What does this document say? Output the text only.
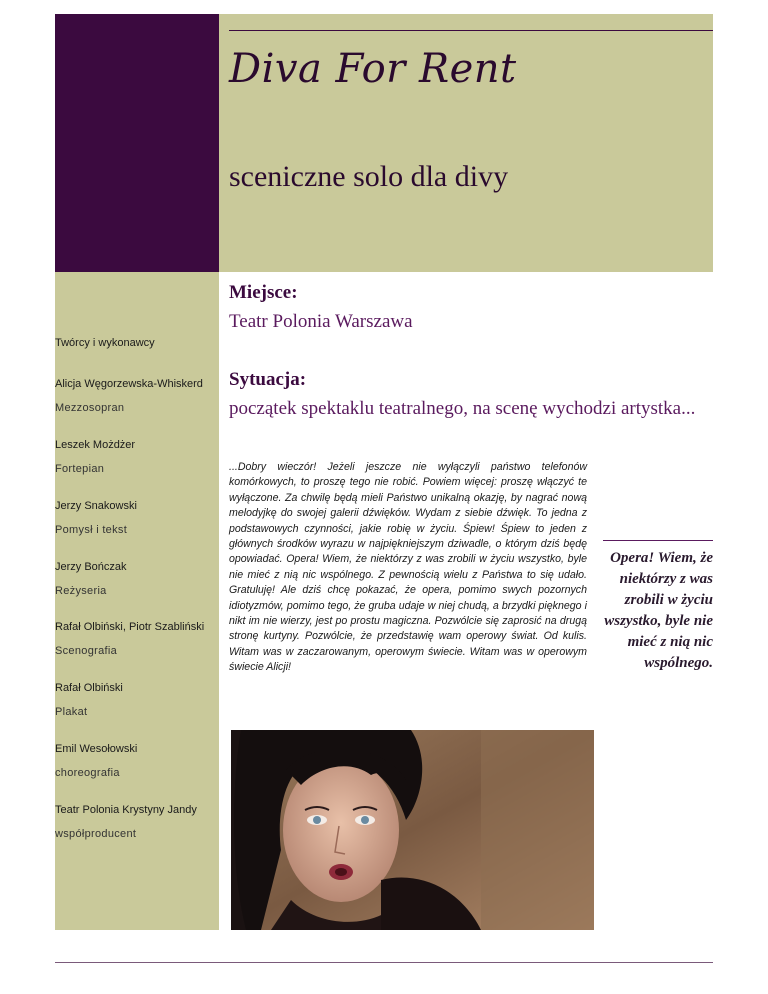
Diva For Rent
sceniczne solo dla divy
Miejsce:
Teatr Polonia Warszawa
Sytuacja:
początek spektaklu teatralnego, na scenę wychodzi artystka...
Twórcy i wykonawcy
Alicja Węgorzewska-Whiskerd
Mezzosopran
Leszek Możdżer
Fortepian
Jerzy Snakowski
Pomysł i tekst
Jerzy Bończak
Reżyseria
Rafał Olbiński, Piotr Szabliński
Scenografia
Rafał Olbiński
Plakat
Emil Wesołowski
choreografia
Teatr Polonia Krystyny Jandy
współproducent

...Dobry wieczór! Jeżeli jeszcze nie wyłączyli państwo telefonów komórkowych, to proszę tego nie robić. Powiem więcej: proszę włączyć te wyłączone. Za chwilę będą mieli Państwo unikalną okazję, by nagrać nową melodyjkę do swojej galerii dźwięków. Wydam z siebie dźwięk. To jedna z podstawowych czynności, jakie robię w życiu. Śpiew! Śpiew to jeden z głównych środków wyrazu w najpiękniejszym dziwadle, o którym dziś będę opowiadać. Opera! Wiem, że niektórzy z was zrobili w życiu wszystko, byle nie mieć z nią nic wspólnego. Z pewnością wielu z Państwa to się udało. Gratuluję! Ale dziś chcę pokazać, że opera, pomimo swych pozornych idiotyzmów, pomimo tego, że gruba udaje w niej chudą, a brzydki pięknego i nikt im nie wierzy, jest po prostu magiczna. Pozwólcie się zaprosić na drugą stronę kurtyny. Pozwólcie, że przedstawię wam operowy świat. Od kulis. Witam was w zaczarowanym, operowym świecie. Witam was w operowym świecie Alicji!

Opera! Wiem, że niektórzy z was zrobili w życiu wszystko, byle nie mieć z nią nic wspólnego.
